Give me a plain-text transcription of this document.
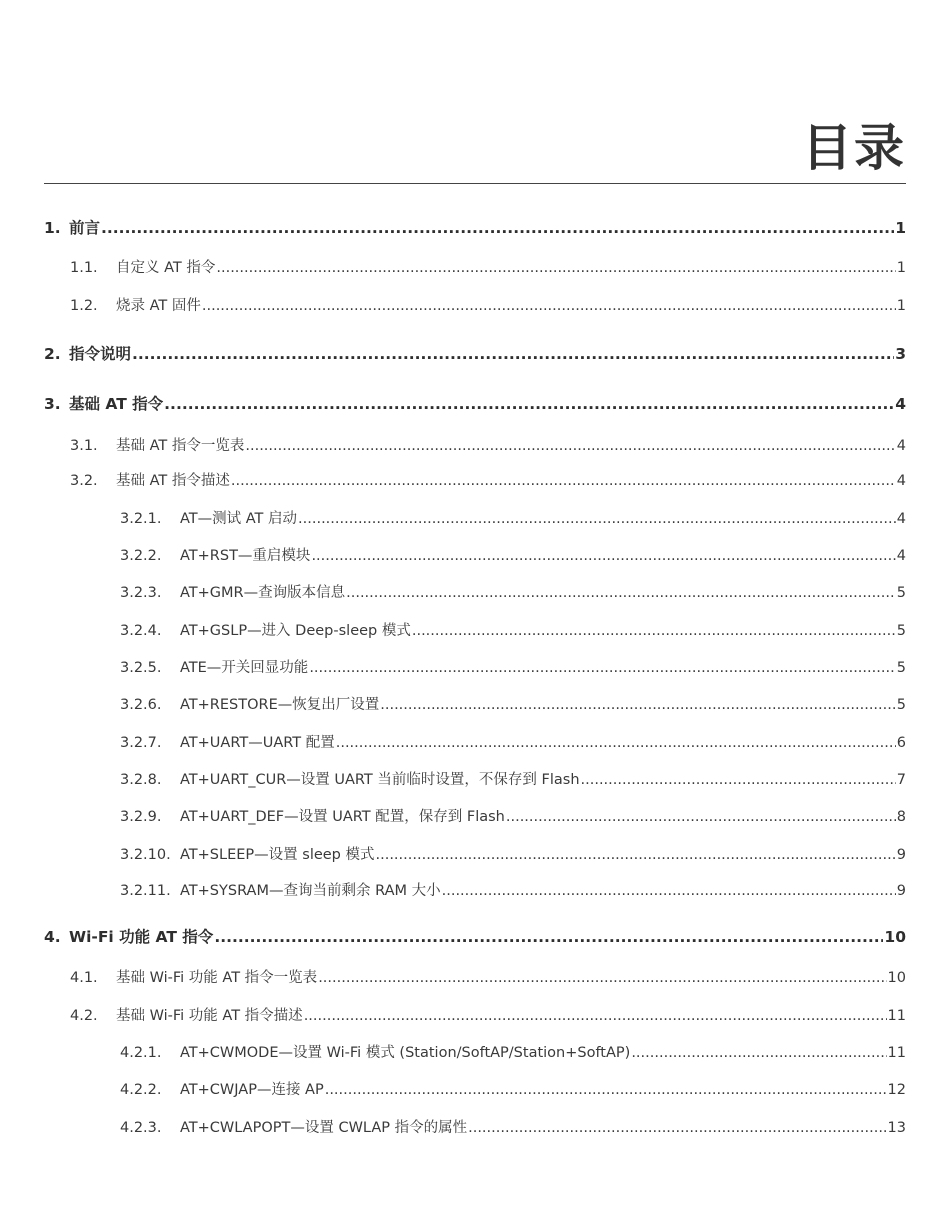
目录
1. 前言 .....	1
1.1.	自定义 AT 指令 .....	1
1.2.	烧录 AT 固件 .....	1
2. 指令说明 .....	3
3. 基础 AT 指令 .....	4
3.1.	基础 AT 指令一览表 .....	4
3.2.	基础 AT 指令描述 .....	4
3.2.1.	AT—测试 AT 启动 .....	4
3.2.2.	AT+RST—重启模块 .....	4
3.2.3.	AT+GMR—查询版本信息 .....	5
3.2.4.	AT+GSLP—进入 Deep-sleep 模式 .....	5
3.2.5.	ATE—开关回显功能 .....	5
3.2.6.	AT+RESTORE—恢复出厂设置 .....	5
3.2.7.	AT+UART—UART 配置 .....	6
3.2.8.	AT+UART_CUR—设置 UART 当前临时设置，不保存到 Flash .....	7
3.2.9.	AT+UART_DEF—设置 UART 配置，保存到 Flash .....	8
3.2.10. AT+SLEEP—设置 sleep 模式 .....	9
3.2.11. AT+SYSRAM—查询当前剩余 RAM 大小 .....	9
4. Wi-Fi 功能 AT 指令 .....	10
4.1.	基础 Wi-Fi 功能 AT 指令一览表 .....	10
4.2.	基础 Wi-Fi 功能 AT 指令描述 .....	11
4.2.1.	AT+CWMODE—设置 Wi-Fi 模式 (Station/SoftAP/Station+SoftAP) .....	11
4.2.2.	AT+CWJAP—连接 AP .....	12
4.2.3.	AT+CWLAPOPT—设置 CWLAP 指令的属性 .....	13
